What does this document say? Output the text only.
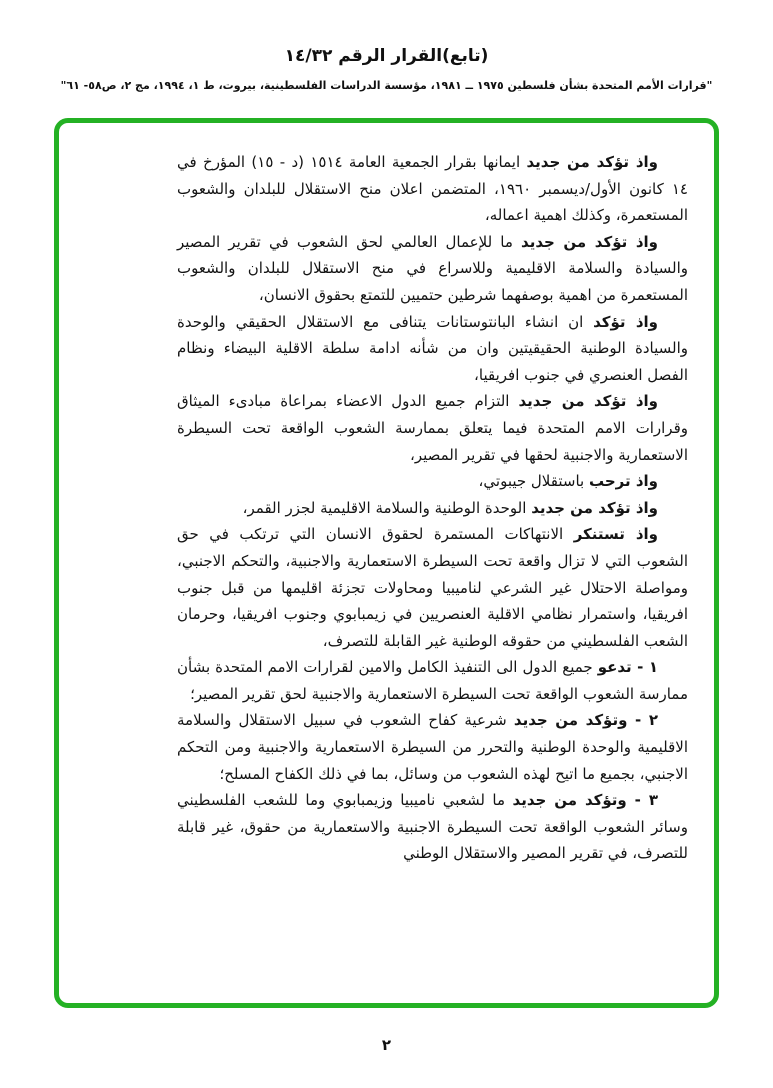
(تابع)القرار الرقم ١٤/٣٢
"قرارات الأمم المتحدة بشأن فلسطين ١٩٧٥ ــ ١٩٨١، مؤسسة الدراسات الفلسطينية، بيروت، ط ١، ١٩٩٤، مج ٢، ص٥٨- ٦١"

واذ تؤكد من جديد ايمانها بقرار الجمعية العامة ١٥١٤ (د - ١٥) المؤرخ في ١٤ كانون الأول/ديسمبر ١٩٦٠، المتضمن اعلان منح الاستقلال للبلدان والشعوب المستعمرة، وكذلك اهمية اعماله،

واذ تؤكد من جديد ما للإعمال العالمي لحق الشعوب في تقرير المصير والسيادة والسلامة الاقليمية وللاسراع في منح الاستقلال للبلدان والشعوب المستعمرة من اهمية بوصفهما شرطين حتميين للتمتع بحقوق الانسان،

واذ تؤكد ان انشاء البانتوستانات يتنافى مع الاستقلال الحقيقي والوحدة والسيادة الوطنية الحقيقيتين وان من شأنه ادامة سلطة الاقلية البيضاء ونظام الفصل العنصري في جنوب افريقيا،

واذ تؤكد من جديد التزام جميع الدول الاعضاء بمراعاة مبادىء الميثاق وقرارات الامم المتحدة فيما يتعلق بممارسة الشعوب الواقعة تحت السيطرة الاستعمارية والاجنبية لحقها في تقرير المصير،

واذ ترحب باستقلال جيبوتي،

واذ تؤكد من جديد الوحدة الوطنية والسلامة الاقليمية لجزر القمر،

واذ تستنكر الانتهاكات المستمرة لحقوق الانسان التي ترتكب في حق الشعوب التي لا تزال واقعة تحت السيطرة الاستعمارية والاجنبية، والتحكم الاجنبي، ومواصلة الاحتلال غير الشرعي لناميبيا ومحاولات تجزئة اقليمها من قبل جنوب افريقيا، واستمرار نظامي الاقلية العنصريين في زيمبابوي وجنوب افريقيا، وحرمان الشعب الفلسطيني من حقوقه الوطنية غير القابلة للتصرف،

١ - تدعو جميع الدول الى التنفيذ الكامل والامين لقرارات الامم المتحدة بشأن ممارسة الشعوب الواقعة تحت السيطرة الاستعمارية والاجنبية لحق تقرير المصير؛

٢ - وتؤكد من جديد شرعية كفاح الشعوب في سبيل الاستقلال والسلامة الاقليمية والوحدة الوطنية والتحرر من السيطرة الاستعمارية والاجنبية ومن التحكم الاجنبي، بجميع ما اتيح لهذه الشعوب من وسائل، بما في ذلك الكفاح المسلح؛

٣ - وتؤكد من جديد ما لشعبي ناميبيا وزيمبابوي وما للشعب الفلسطيني وسائر الشعوب الواقعة تحت السيطرة الاجنبية والاستعمارية من حقوق، غير قابلة للتصرف، في تقرير المصير والاستقلال الوطني

٢
